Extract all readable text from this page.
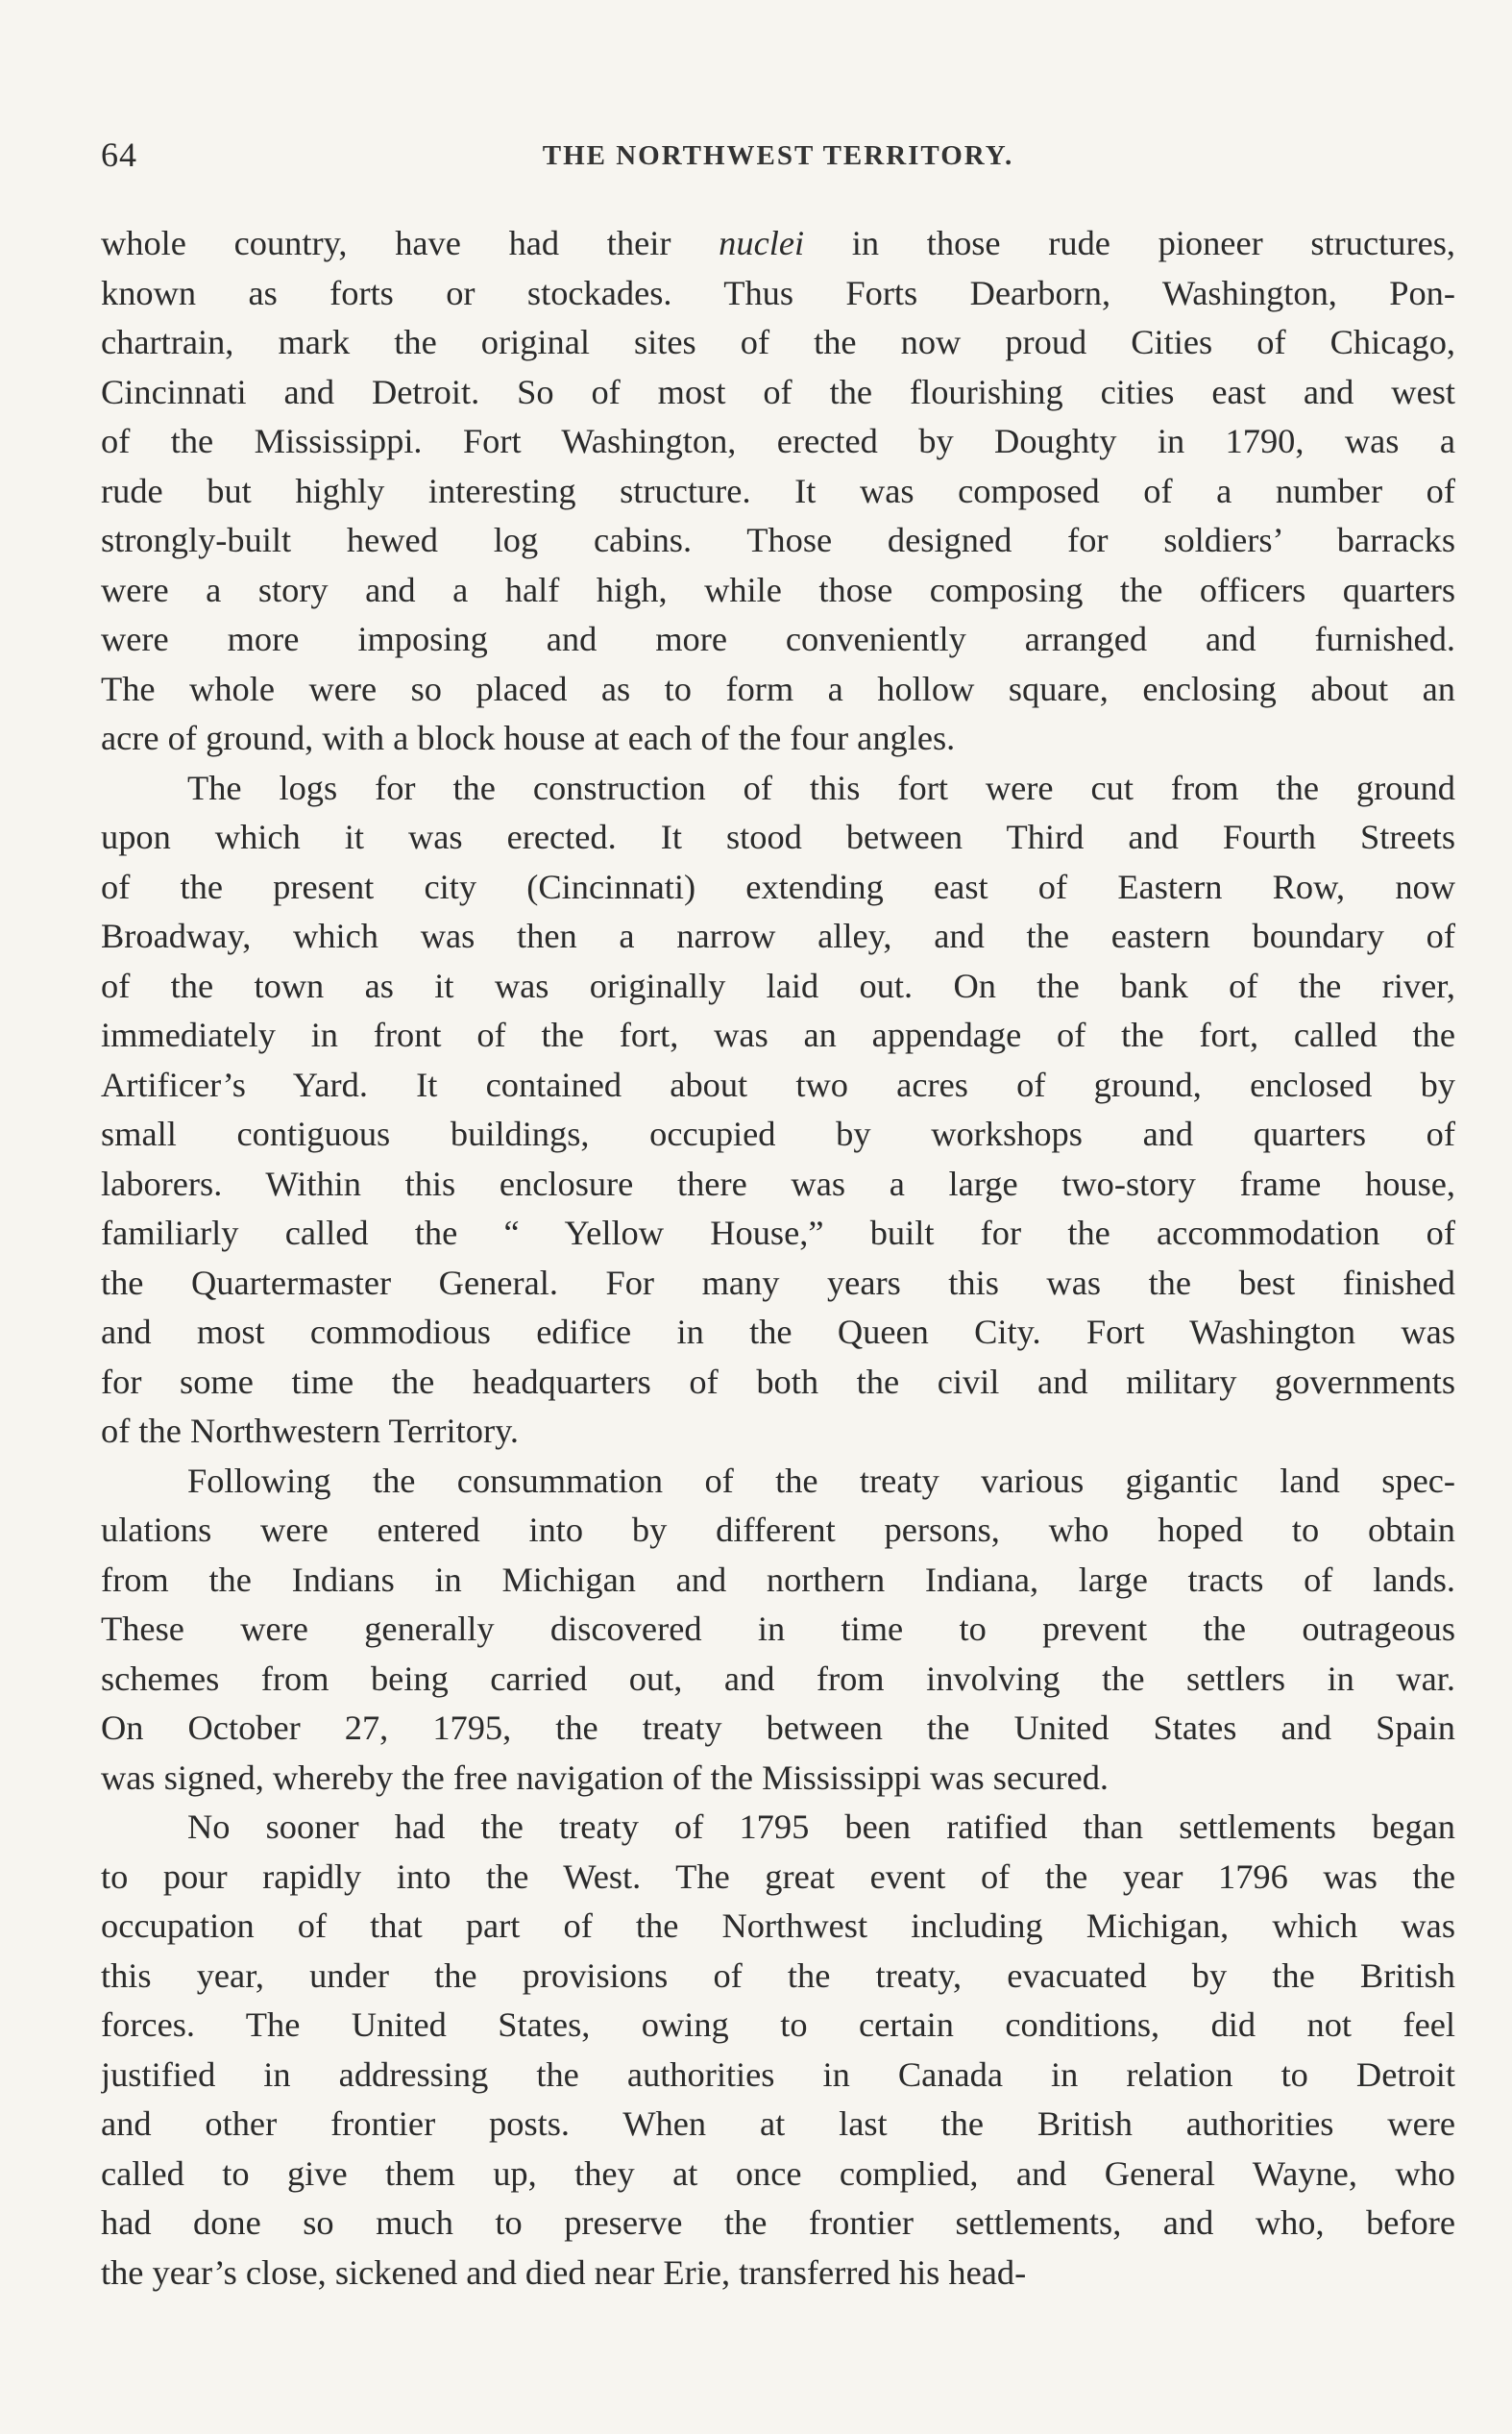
64	THE NORTHWEST TERRITORY.
whole country, have had their nuclei in those rude pioneer structures,
known as forts or stockades. Thus Forts Dearborn, Washington, Pon-
chartrain, mark the original sites of the now proud Cities of Chicago,
Cincinnati and Detroit. So of most of the flourishing cities east and west
of the Mississippi. Fort Washington, erected by Doughty in 1790, was a
rude but highly interesting structure. It was composed of a number of
strongly-built hewed log cabins. Those designed for soldiers’ barracks
were a story and a half high, while those composing the officers quarters
were more imposing and more conveniently arranged and furnished.
The whole were so placed as to form a hollow square, enclosing about an
acre of ground, with a block house at each of the four angles.
The logs for the construction of this fort were cut from the ground
upon which it was erected. It stood between Third and Fourth Streets
of the present city (Cincinnati) extending east of Eastern Row, now
Broadway, which was then a narrow alley, and the eastern boundary of
of the town as it was originally laid out. On the bank of the river,
immediately in front of the fort, was an appendage of the fort, called the
Artificer’s Yard. It contained about two acres of ground, enclosed by
small contiguous buildings, occupied by workshops and quarters of
laborers. Within this enclosure there was a large two-story frame house,
familiarly called the “ Yellow House,” built for the accommodation of
the Quartermaster General. For many years this was the best finished
and most commodious edifice in the Queen City. Fort Washington was
for some time the headquarters of both the civil and military governments
of the Northwestern Territory.
Following the consummation of the treaty various gigantic land spec-
ulations were entered into by different persons, who hoped to obtain
from the Indians in Michigan and northern Indiana, large tracts of lands.
These were generally discovered in time to prevent the outrageous
schemes from being carried out, and from involving the settlers in war.
On October 27, 1795, the treaty between the United States and Spain
was signed, whereby the free navigation of the Mississippi was secured.
No sooner had the treaty of 1795 been ratified than settlements began
to pour rapidly into the West. The great event of the year 1796 was the
occupation of that part of the Northwest including Michigan, which was
this year, under the provisions of the treaty, evacuated by the British
forces. The United States, owing to certain conditions, did not feel
justified in addressing the authorities in Canada in relation to Detroit
and other frontier posts. When at last the British authorities were
called to give them up, they at once complied, and General Wayne, who
had done so much to preserve the frontier settlements, and who, before
the year’s close, sickened and died near Erie, transferred his head-
